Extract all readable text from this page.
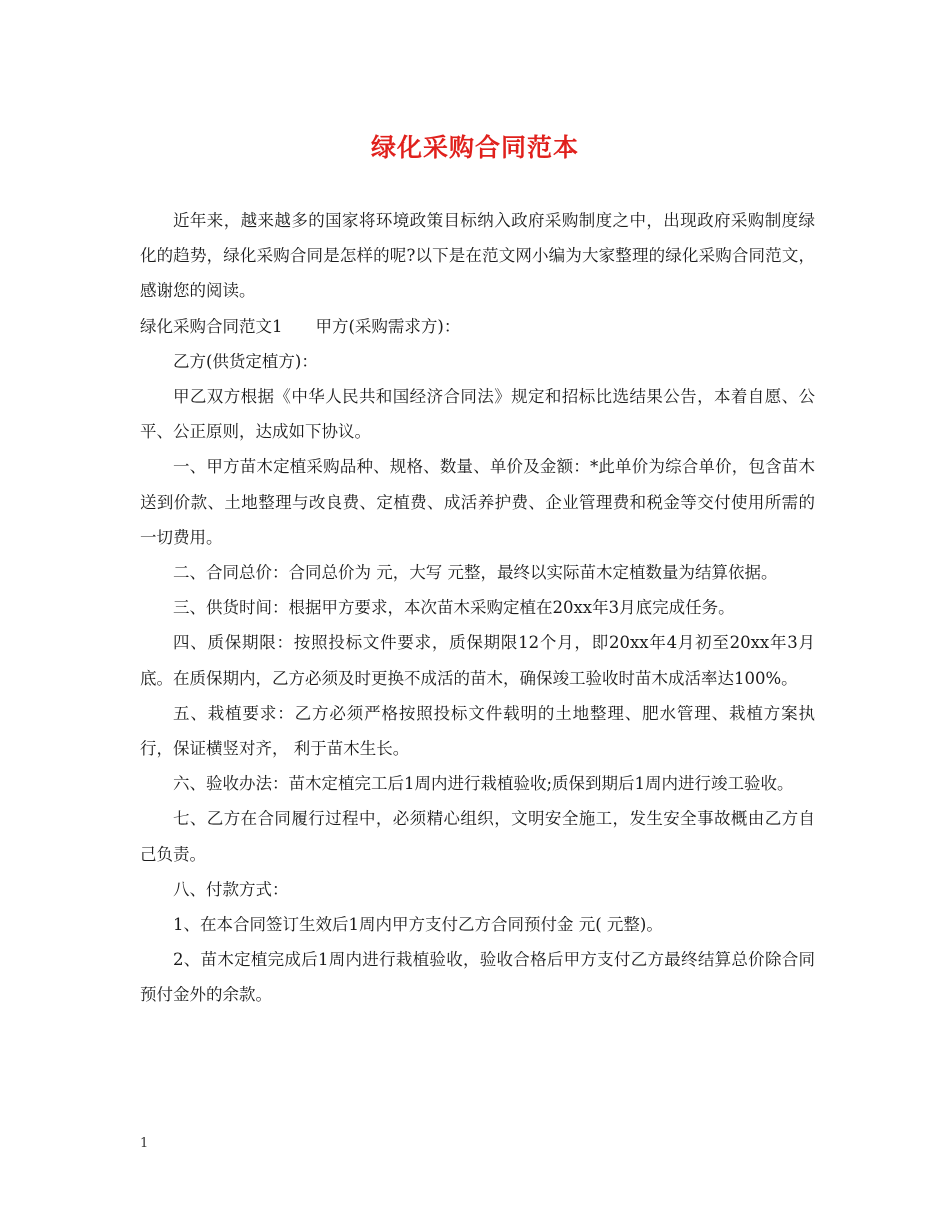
绿化采购合同范本

近年来，越来越多的国家将环境政策目标纳入政府采购制度之中，出现政府采购制度绿化的趋势，绿化采购合同是怎样的呢?以下是在范文网小编为大家整理的绿化采购合同范文，感谢您的阅读。

绿化采购合同范文1　　甲方(采购需求方)：

乙方(供货定植方)：

甲乙双方根据《中华人民共和国经济合同法》规定和招标比选结果公告，本着自愿、公平、公正原则，达成如下协议。

一、甲方苗木定植采购品种、规格、数量、单价及金额：*此单价为综合单价，包含苗木送到价款、土地整理与改良费、定植费、成活养护费、企业管理费和税金等交付使用所需的一切费用。

二、合同总价：合同总价为 元，大写 元整，最终以实际苗木定植数量为结算依据。

三、供货时间：根据甲方要求，本次苗木采购定植在20xx年3月底完成任务。

四、质保期限：按照投标文件要求，质保期限12个月，即20xx年4月初至20xx年3月底。在质保期内，乙方必须及时更换不成活的苗木，确保竣工验收时苗木成活率达100%。

五、栽植要求：乙方必须严格按照投标文件载明的土地整理、肥水管理、栽植方案执行，保证横竖对齐， 利于苗木生长。

六、验收办法：苗木定植完工后1周内进行栽植验收;质保到期后1周内进行竣工验收。

七、乙方在合同履行过程中，必须精心组织，文明安全施工，发生安全事故概由乙方自己负责。

八、付款方式：

1、在本合同签订生效后1周内甲方支付乙方合同预付金 元( 元整)。

2、苗木定植完成后1周内进行栽植验收，验收合格后甲方支付乙方最终结算总价除合同预付金外的余款。

1
